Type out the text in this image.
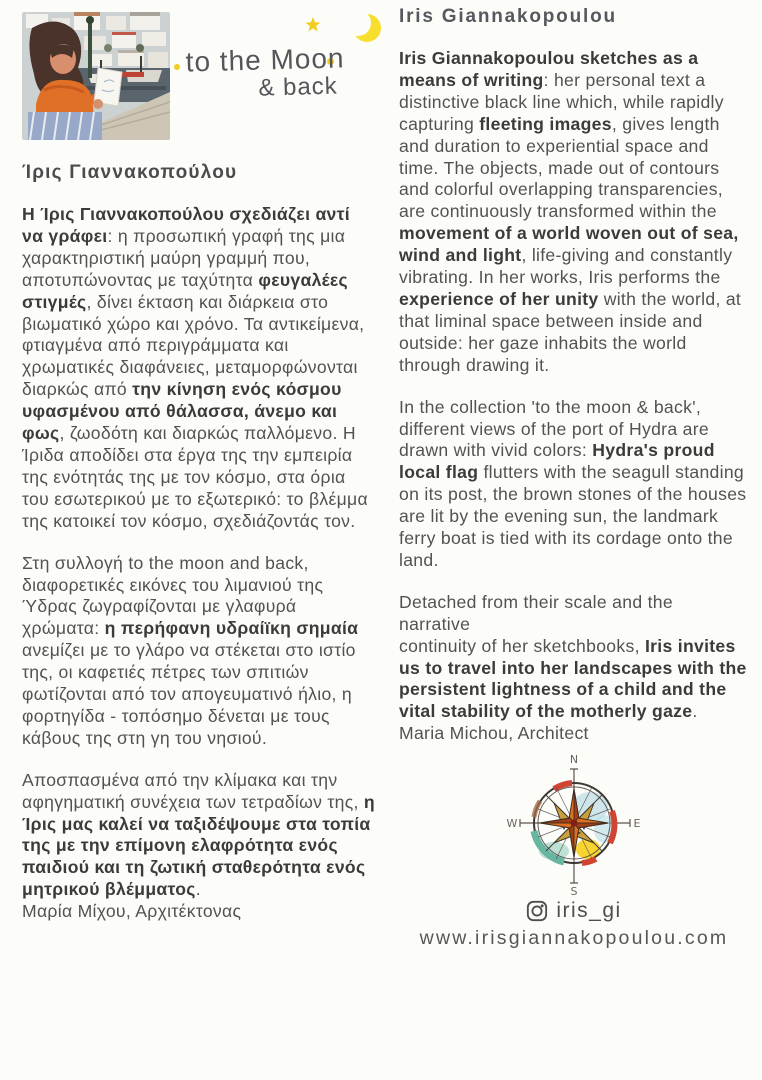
to the Moon
& back
Ίρις Γιαννακοπούλου

Η Ίρις Γιαννακοπούλου σχεδιάζει αντί να γράφει: η προσωπική γραφή της μια χαρακτηριστική μαύρη γραμμή που, αποτυπώνοντας με ταχύτητα φευγαλέες στιγμές, δίνει έκταση και διάρκεια στο βιωματικό χώρο και χρόνο. Τα αντικείμενα, φτιαγμένα από περιγράμματα και χρωματικές διαφάνειες, μεταμορφώνονται διαρκώς από την κίνηση ενός κόσμου υφασμένου από θάλασσα, άνεμο και φως, ζωοδότη και διαρκώς παλλόμενο. Η Ίριδα αποδίδει στα έργα της την εμπειρία της ενότητάς της με τον κόσμο, στα όρια του εσωτερικού με το εξωτερικό: το βλέμμα της κατοικεί τον κόσμο, σχεδιάζοντάς τον.

Στη συλλογή to the moon and back, διαφορετικές εικόνες του λιμανιού της Ύδρας ζωγραφίζονται με γλαφυρά χρώματα: η περήφανη υδραίϊκη σημαία ανεμίζει με το γλάρο να στέκεται στο ιστίο της, οι καφετιές πέτρες των σπιτιών φωτίζονται από τον απογευματινό ήλιο, η φορτηγίδα - τοπόσημο δένεται με τους κάβους της στη γη του νησιού.

Αποσπασμένα από την κλίμακα και την αφηγηματική συνέχεια των τετραδίων της, η Ίρις μας καλεί να ταξιδέψουμε στα τοπία της με την επίμονη ελαφρότητα ενός παιδιού και τη ζωτική σταθερότητα ενός μητρικού βλέμματος.

Μαρία Μίχου, Αρχιτέκτονας

Iris Giannakopoulou

Iris Giannakopoulou sketches as a means of writing: her personal text a distinctive black line which, while rapidly capturing fleeting images, gives length and duration to experiential space and time. The objects, made out of contours and colorful overlapping transparencies, are continuously transformed within the movement of a world woven out of sea, wind and light, life-giving and constantly vibrating. In her works, Iris performs the experience of her unity with the world, at that liminal space between inside and outside: her gaze inhabits the world through drawing it.

In the collection 'to the moon & back', different views of the port of Hydra are drawn with vivid colors: Hydra's proud local flag flutters with the seagull standing on its post, the brown stones of the houses are lit by the evening sun, the landmark ferry boat is tied with its cordage onto the land.

Detached from their scale and the narrative
continuity of her sketchbooks, Iris invites us to travel into her landscapes with the persistent lightness of a child and the vital stability of the motherly gaze.

Maria Michou, Architect

N
S
W	E
iris_gi
www.irisgiannakopoulou.com
